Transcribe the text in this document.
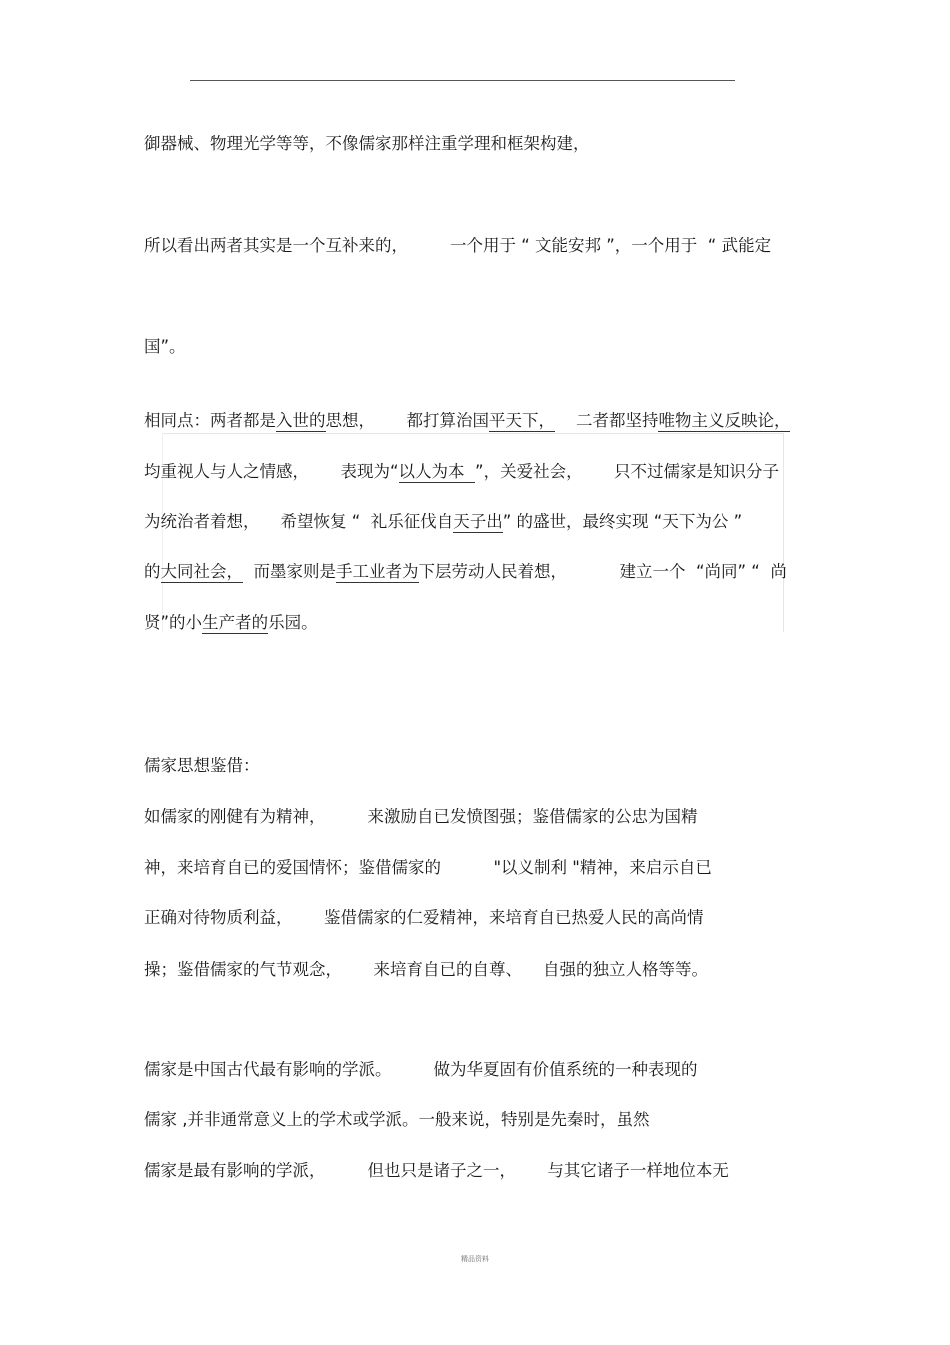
御器械、物理光学等等，不像儒家那样注重学理和框架构建，
所以看出两者其实是一个互补来的，        一个用于 “ 文能安邦 ”，一个用于  “ 武能定
国”。
相同点：两者都是入世的思想，      都打算治国平天下，    二者都坚持唯物主义反映论，
均重视人与人之情感，      表现为“以人为本  ”，关爱社会，      只不过儒家是知识分子
为统治者着想，    希望恢复 “  礼乐征伐自天子出” 的盛世，最终实现 “天下为公 ”
的大同社会，  而墨家则是手工业者为下层劳动人民着想，          建立一个  “尚同” “  尚
贤”的小生产者的乐园。
儒家思想鉴借：
如儒家的刚健有为精神，        来激励自已发愤图强；鉴借儒家的公忠为国精
神，来培育自已的爱国情怀；鉴借儒家的          "以义制利 "精神，来启示自已
正确对待物质利益，      鉴借儒家的仁爱精神，来培育自已热爱人民的高尚情
操；鉴借儒家的气节观念，      来培育自已的自尊、    自强的独立人格等等。
儒家是中国古代最有影响的学派。        做为华夏固有价值系统的一种表现的
儒家 ,并非通常意义上的学术或学派。一般来说，特别是先秦时，虽然
儒家是最有影响的学派，        但也只是诸子之一，      与其它诸子一样地位本无
精品资料
